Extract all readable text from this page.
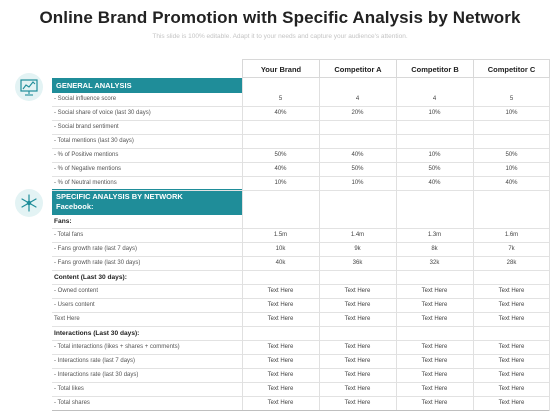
Online Brand Promotion with Specific Analysis by Network
This slide is 100% editable. Adapt it to your needs and capture your audience's attention.
Your Brand	Competitor A	Competitor B	Competitor C
GENERAL ANALYSIS
SPECIFIC ANALYSIS BY NETWORK
Facebook:
- Social influence score	5	4	4	5
- Social share of voice (last 30 days)	40%	20%	10%	10%
- Social brand sentiment
- Total mentions (last 30 days)
- % of Positive mentions	50%	40%	10%	50%
- % of Negative mentions	40%	50%	50%	10%
- % of Neutral mentions	10%	10%	40%	40%
Fans:
- Total fans	1.5m	1.4m	1.3m	1.6m
- Fans growth rate (last 7 days)	10k	9k	8k	7k
- Fans growth rate (last 30 days)	40k	36k	32k	28k
Content (Last 30 days):
- Owned content	Text Here	Text Here	Text Here	Text Here
- Users content	Text Here	Text Here	Text Here	Text Here
Text Here	Text Here	Text Here	Text Here	Text Here
Interactions (Last 30 days):
- Total interactions (likes + shares + comments)	Text Here	Text Here	Text Here	Text Here
- Interactions rate (last 7 days)	Text Here	Text Here	Text Here	Text Here
- Interactions rate (last 30 days)	Text Here	Text Here	Text Here	Text Here
- Total likes	Text Here	Text Here	Text Here	Text Here
- Total shares	Text Here	Text Here	Text Here	Text Here
